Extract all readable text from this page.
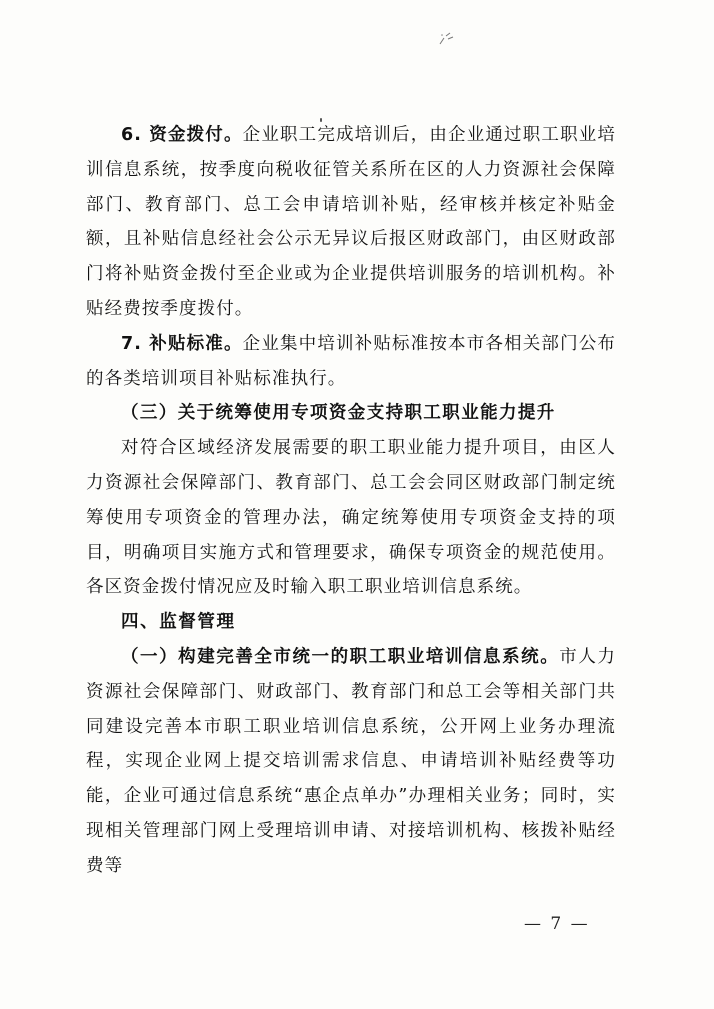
6. 资金拨付。企业职工完成培训后，由企业通过职工职业培训信息系统，按季度向税收征管关系所在区的人力资源社会保障部门、教育部门、总工会申请培训补贴，经审核并核定补贴金额，且补贴信息经社会公示无异议后报区财政部门，由区财政部门将补贴资金拨付至企业或为企业提供培训服务的培训机构。补贴经费按季度拨付。

7. 补贴标准。企业集中培训补贴标准按本市各相关部门公布的各类培训项目补贴标准执行。

（三）关于统筹使用专项资金支持职工职业能力提升

对符合区域经济发展需要的职工职业能力提升项目，由区人力资源社会保障部门、教育部门、总工会会同区财政部门制定统筹使用专项资金的管理办法，确定统筹使用专项资金支持的项目，明确项目实施方式和管理要求，确保专项资金的规范使用。各区资金拨付情况应及时输入职工职业培训信息系统。

四、监督管理

（一）构建完善全市统一的职工职业培训信息系统。市人力资源社会保障部门、财政部门、教育部门和总工会等相关部门共同建设完善本市职工职业培训信息系统，公开网上业务办理流程，实现企业网上提交培训需求信息、申请培训补贴经费等功能，企业可通过信息系统“惠企点单办”办理相关业务；同时，实现相关管理部门网上受理培训申请、对接培训机构、核拨补贴经费等

— 7 —
